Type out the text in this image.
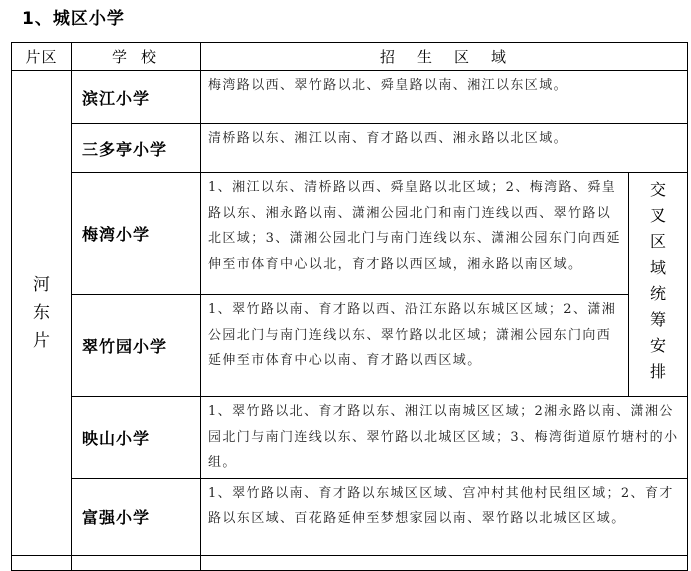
1、城区小学
片区	学校	招生区域	
河东片	滨江小学	梅湾路以西、翠竹路以北、舜皇路以南、湘江以东区域。	
	三多亭小学	清桥路以东、湘江以南、育才路以西、湘永路以北区域。	
	梅湾小学	1、湘江以东、清桥路以西、舜皇路以北区域；2、梅湾路、舜皇路以东、湘永路以南、潇湘公园北门和南门连线以西、翠竹路以北区域；3、潇湘公园北门与南门连线以东、潇湘公园东门向西延伸至市体育中心以北，育才路以西区域，湘永路以南区域。	交叉区域统筹安排
	翠竹园小学	1、翠竹路以南、育才路以西、沿江东路以东城区区域；2、潇湘公园北门与南门连线以东、翠竹路以北区域；潇湘公园东门向西延伸至市体育中心以南、育才路以西区域。	
	映山小学	1、翠竹路以北、育才路以东、湘江以南城区区域；2湘永路以南、潇湘公园北门与南门连线以东、翠竹路以北城区区域；3、梅湾街道原竹塘村的小组。	
	富强小学	1、翠竹路以南、育才路以东城区区域、宫冲村其他村民组区域；2、育才路以东区域、百花路延伸至梦想家园以南、翠竹路以北城区区域。	
